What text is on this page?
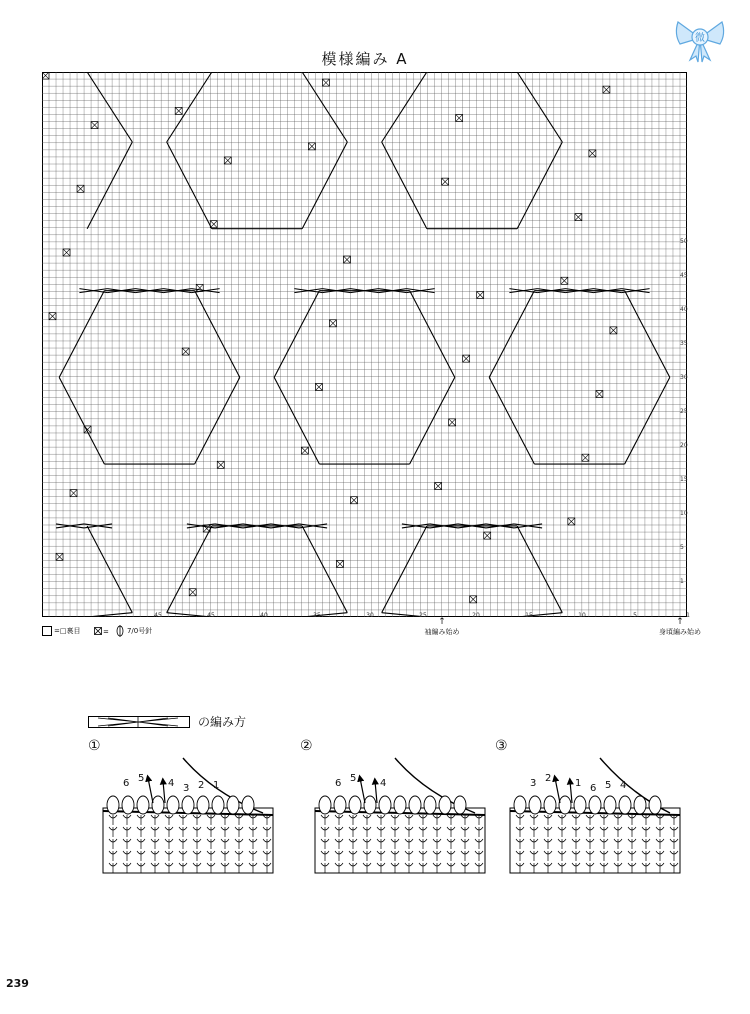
微
模様編み A
50
45
40
35
30
25
20
15
10
5
1
45	45	40	35	30	25	20	15	10	5	1
=□裏目	=	7/0号針
↑
袖編み始め
↑
身頃編み始め
の編み方
①
6 5 4 3 2 1
②
6 5 4
③
3 2 1 6 5 4
239
